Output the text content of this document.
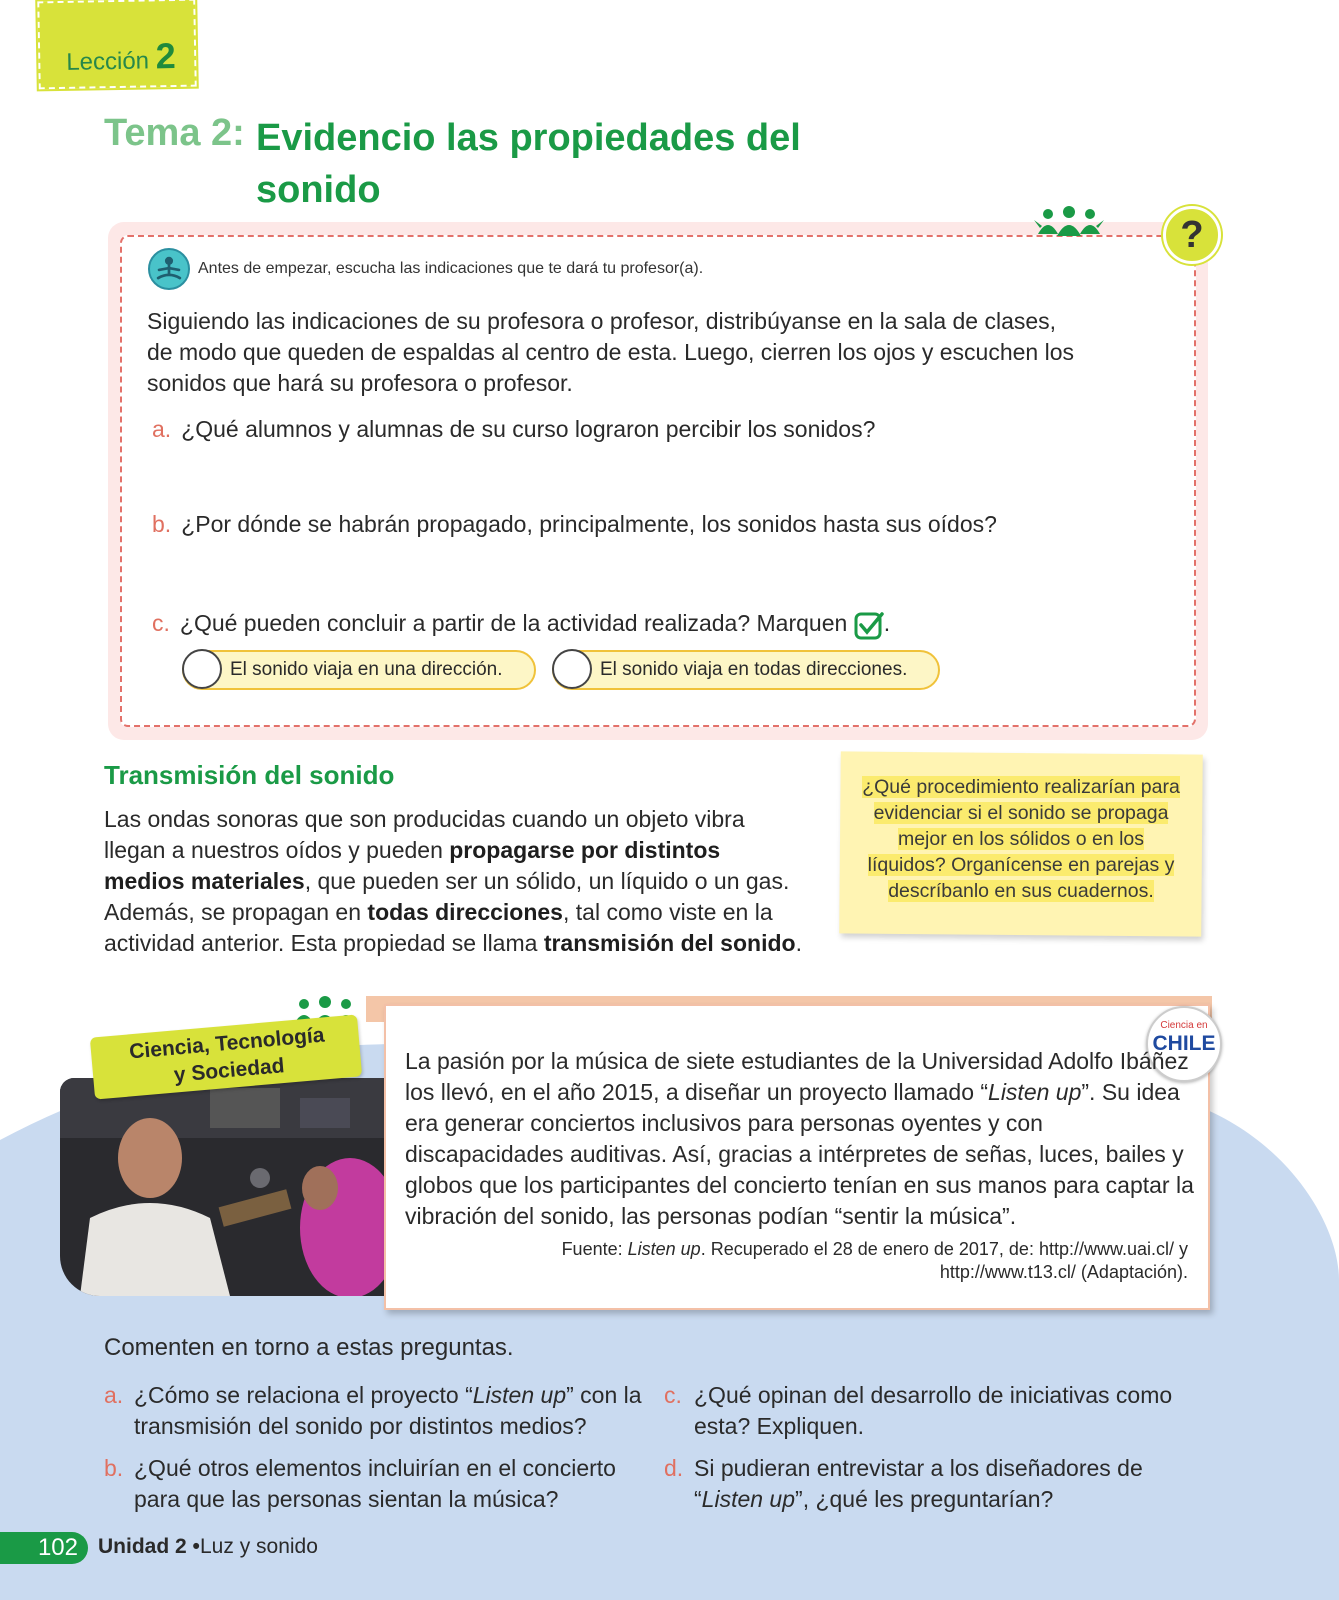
Lección 2
Tema 2: Evidencio las propiedades del sonido
?
Antes de empezar, escucha las indicaciones que te dará tu profesor(a).
Siguiendo las indicaciones de su profesora o profesor, distribúyanse en la sala de clases, de modo que queden de espaldas al centro de esta. Luego, cierren los ojos y escuchen los sonidos que hará su profesora o profesor.
a. ¿Qué alumnos y alumnas de su curso lograron percibir los sonidos?
b. ¿Por dónde se habrán propagado, principalmente, los sonidos hasta sus oídos?
c. ¿Qué pueden concluir a partir de la actividad realizada? Marquen .
El sonido viaja en una dirección.	El sonido viaja en todas direcciones.
Transmisión del sonido
Las ondas sonoras que son producidas cuando un objeto vibra llegan a nuestros oídos y pueden propagarse por distintos medios materiales, que pueden ser un sólido, un líquido o un gas. Además, se propagan en todas direcciones, tal como viste en la actividad anterior. Esta propiedad se llama transmisión del sonido.
¿Qué procedimiento realizarían para
evidenciar si el sonido se propaga
mejor en los sólidos o en los
líquidos? Organícense en parejas y
descríbanlo en sus cuadernos.
Ciencia, Tecnología
y Sociedad
Ciencia en
CHILE
La pasión por la música de siete estudiantes de la Universidad Adolfo Ibáñez los llevó, en el año 2015, a diseñar un proyecto llamado “Listen up”. Su idea era generar conciertos inclusivos para personas oyentes y con discapacidades auditivas. Así, gracias a intérpretes de señas, luces, bailes y globos que los participantes del concierto tenían en sus manos para captar la vibración del sonido, las personas podían “sentir la música”.
Fuente: Listen up. Recuperado el 28 de enero de 2017, de: http://www.uai.cl/ y
http://www.t13.cl/ (Adaptación).
Comenten en torno a estas preguntas.
a. ¿Cómo se relaciona el proyecto “Listen up” con la transmisión del sonido por distintos medios?
b. ¿Qué otros elementos incluirían en el concierto para que las personas sientan la música?
c. ¿Qué opinan del desarrollo de iniciativas como esta? Expliquen.
d. Si pudieran entrevistar a los diseñadores de “Listen up”, ¿qué les preguntarían?
102 Unidad 2 • Luz y sonido
